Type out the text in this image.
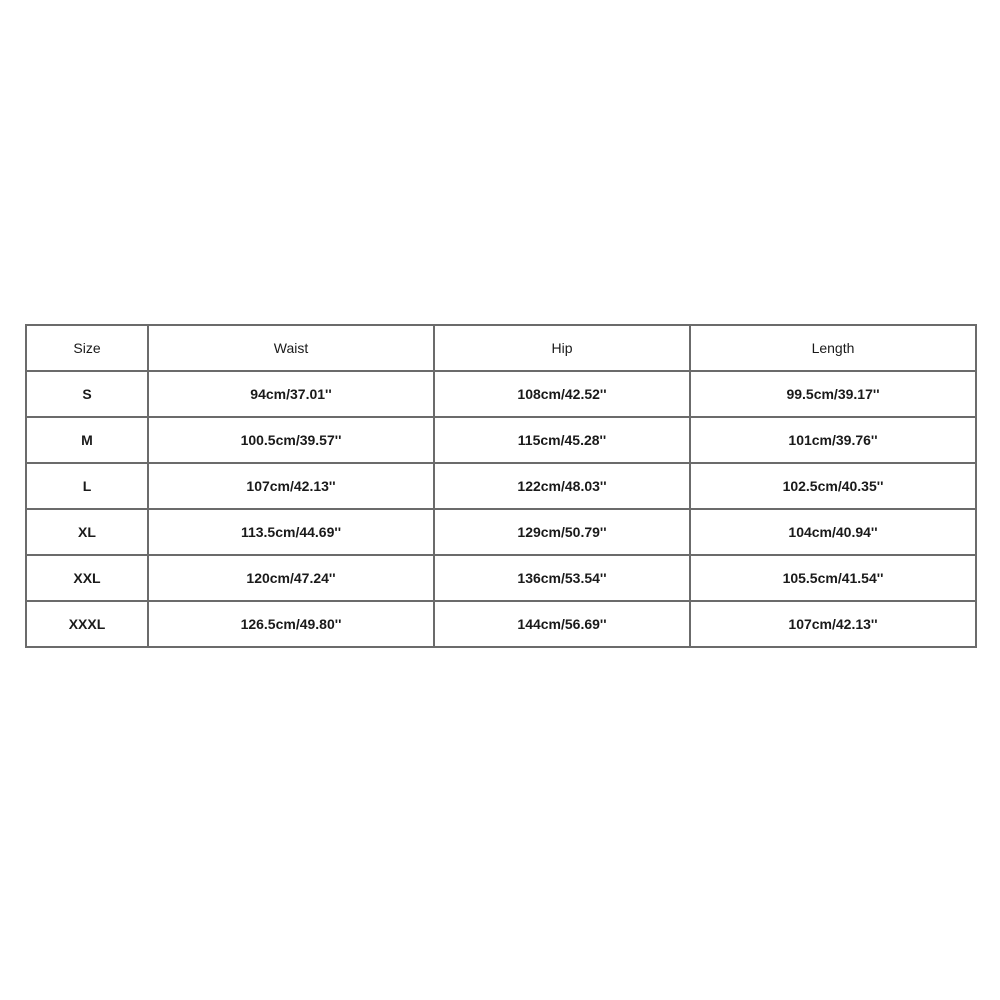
Size	Waist	Hip	Length
S	94cm/37.01''	108cm/42.52''	99.5cm/39.17''
M	100.5cm/39.57''	115cm/45.28''	101cm/39.76''
L	107cm/42.13''	122cm/48.03''	102.5cm/40.35''
XL	113.5cm/44.69''	129cm/50.79''	104cm/40.94''
XXL	120cm/47.24''	136cm/53.54''	105.5cm/41.54''
XXXL	126.5cm/49.80''	144cm/56.69''	107cm/42.13''
